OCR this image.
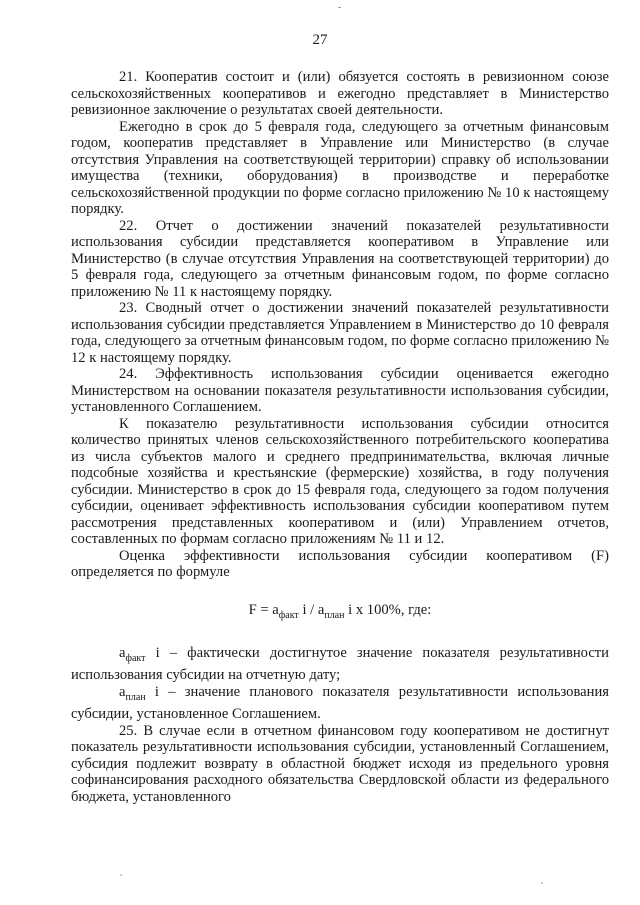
-
27

21. Кооператив состоит и (или) обязуется состоять в ревизионном союзе сельскохозяйственных кооперативов и ежегодно представляет в Министерство ревизионное заключение о результатах своей деятельности.

Ежегодно в срок до 5 февраля года, следующего за отчетным финансовым годом, кооператив представляет в Управление или Министерство (в случае отсутствия Управления на соответствующей территории) справку об использовании имущества (техники, оборудования) в производстве и переработке сельскохозяйственной продукции по форме согласно приложению № 10 к настоящему порядку.

22. Отчет о достижении значений показателей результативности использования субсидии представляется кооперативом в Управление или Министерство (в случае отсутствия Управления на соответствующей территории) до 5 февраля года, следующего за отчетным финансовым годом, по форме согласно приложению № 11 к настоящему порядку.

23. Сводный отчет о достижении значений показателей результативности использования субсидии представляется Управлением в Министерство до 10 февраля года, следующего за отчетным финансовым годом, по форме согласно приложению № 12 к настоящему порядку.

24. Эффективность использования субсидии оценивается ежегодно Министерством на основании показателя результативности использования субсидии, установленного Соглашением.

К показателю результативности использования субсидии относится количество принятых членов сельскохозяйственного потребительского кооператива из числа субъектов малого и среднего предпринимательства, включая личные подсобные хозяйства и крестьянские (фермерские) хозяйства, в году получения субсидии. Министерство в срок до 15 февраля года, следующего за годом получения субсидии, оценивает эффективность использования субсидии кооперативом путем рассмотрения представленных кооперативом и (или) Управлением отчетов, составленных по формам согласно приложениям № 11 и 12.

Оценка эффективности использования субсидии кооперативом (F) определяется по формуле

$F = a_{факт}$ i / $a_{план}$ i x 100%, где:

$a_{факт}$ i – фактически достигнутое значение показателя результативности использования субсидии на отчетную дату;

$a_{план}$ i – значение планового показателя результативности использования субсидии, установленное Соглашением.

25. В случае если в отчетном финансовом году кооперативом не достигнут показатель результативности использования субсидии, установленный Соглашением, субсидия подлежит возврату в областной бюджет исходя из предельного уровня софинансирования расходного обязательства Свердловской области из федерального бюджета, установленного
